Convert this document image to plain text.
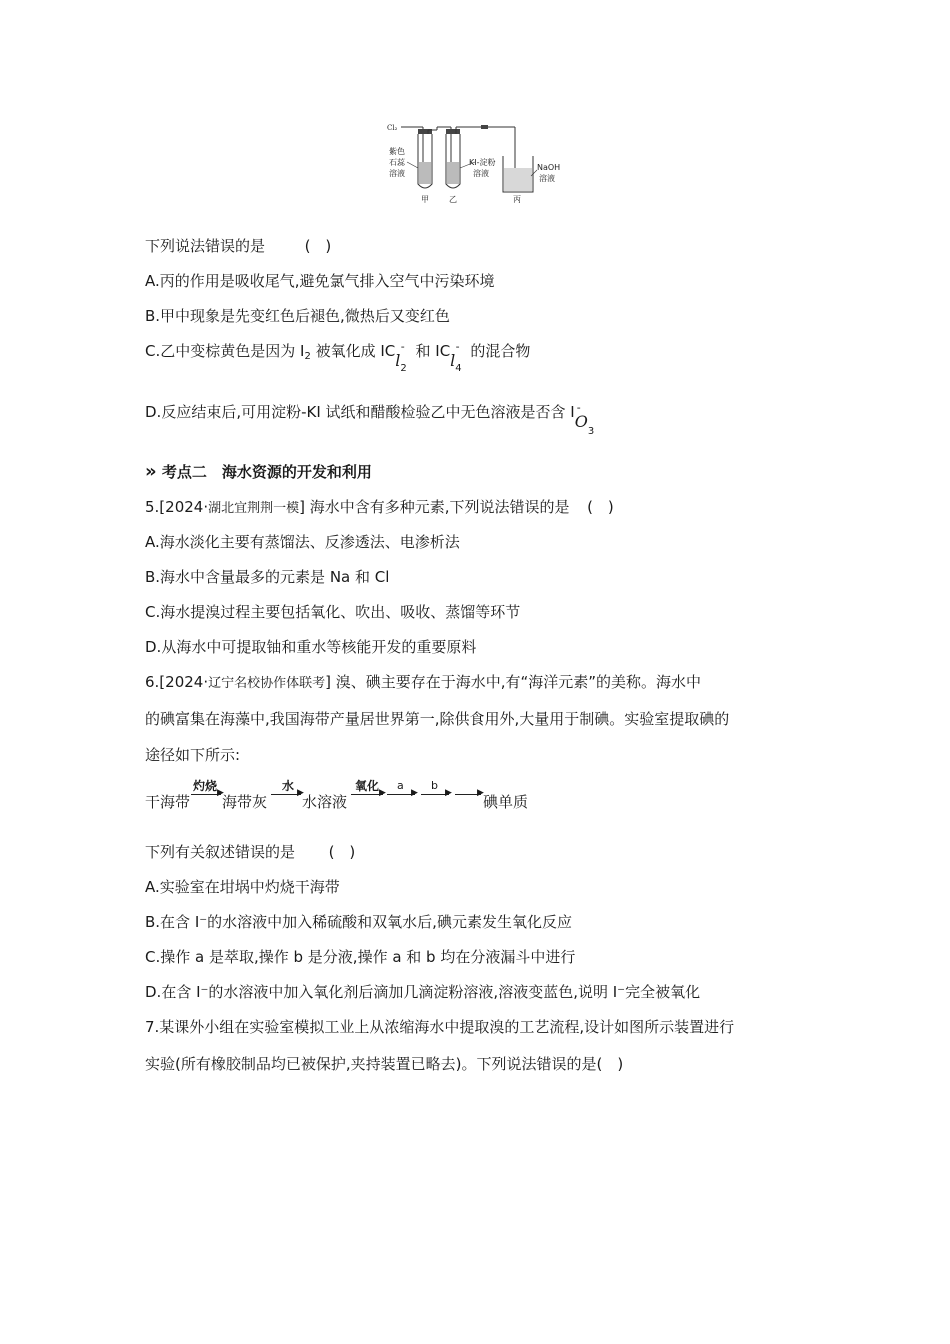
Cl₂
紫色石蕊溶液
KI-淀粉溶液
NaOH 溶液
甲	乙	丙
下列说法错误的是	(　)
A.丙的作用是吸收尾气,避免氯气排入空气中污染环境
B.甲中现象是先变红色后褪色,微热后又变红色
C.乙中变棕黄色是因为 $I_2$ 被氧化成 ICl$_2$- 和 ICl$_4$- 的混合物
D.反应结束后,可用淀粉-KI 试纸和醋酸检验乙中无色溶液是否含 I $^-O_3$
» 考点二　海水资源的开发和利用
5.[2024·湖北宜荆荆一模] 海水中含有多种元素,下列说法错误的是 (　)
A.海水淡化主要有蒸馏法、反渗透法、电渗析法
B.海水中含量最多的元素是 Na 和 Cl
C.海水提溴过程主要包括氧化、吹出、吸收、蒸馏等环节
D.从海水中可提取铀和重水等核能开发的重要原料
6.[2024·辽宁名校协作体联考] 溴、碘主要存在于海水中,有“海洋元素”的美称。海水中
的碘富集在海藻中,我国海带产量居世界第一,除供食用外,大量用于制碘。实验室提取碘的
途径如下所示:
干海带
灼烧 ▶
海带灰
水 ▶
水溶液
氧化 ▶
a
▶
b
▶	▶ 碘单质
下列有关叙述错误的是 (　)
A.实验室在坩埚中灼烧干海带
B.在含 I⁻的水溶液中加入稀硫酸和双氧水后,碘元素发生氧化反应
C.操作 a 是萃取,操作 b 是分液,操作 a 和 b 均在分液漏斗中进行
D.在含 I⁻的水溶液中加入氧化剂后滴加几滴淀粉溶液,溶液变蓝色,说明 I⁻完全被氧化
7.某课外小组在实验室模拟工业上从浓缩海水中提取溴的工艺流程,设计如图所示装置进行
实验(所有橡胶制品均已被保护,夹持装置已略去)。下列说法错误的是(　)
